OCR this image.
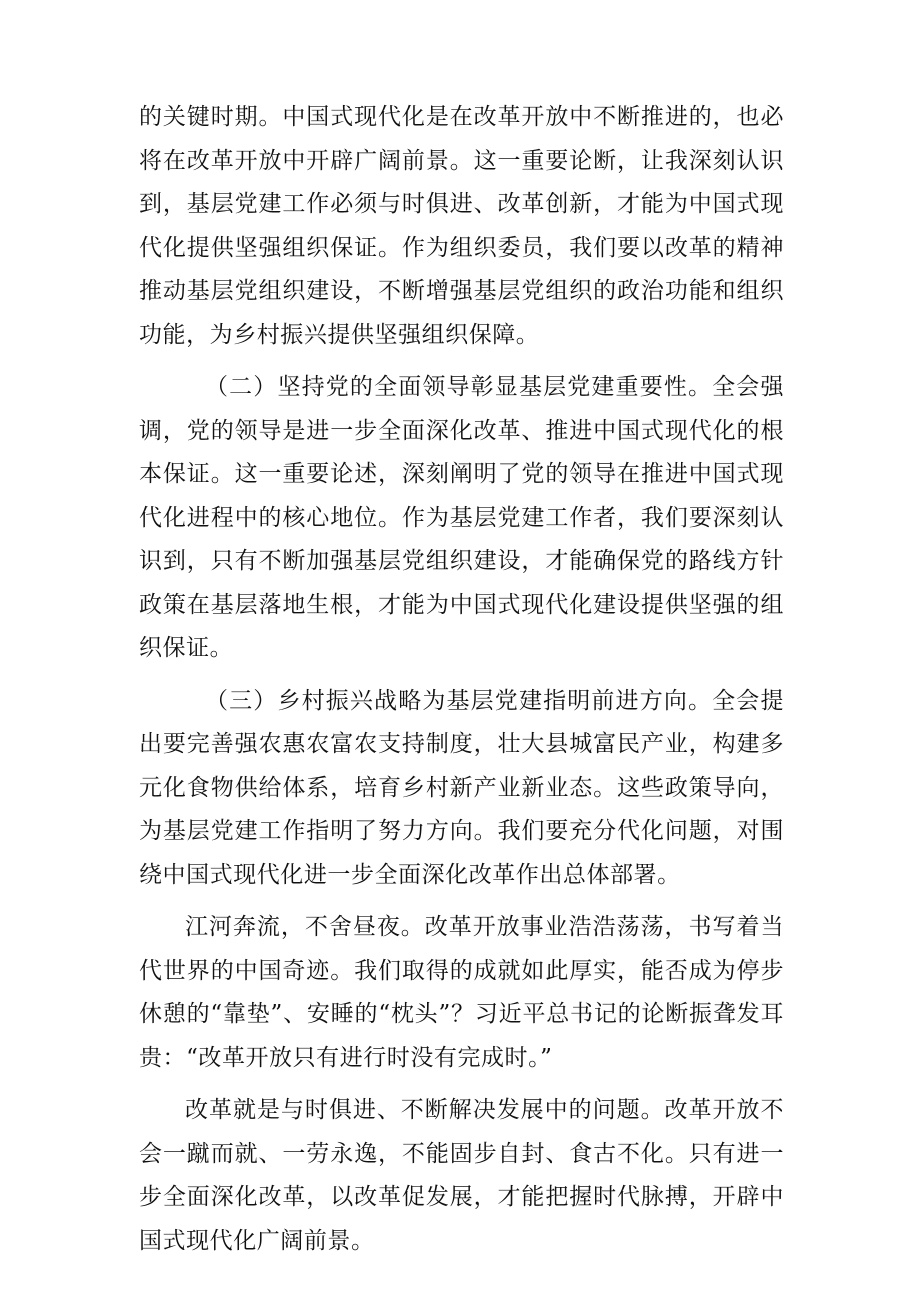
的关键时期。中国式现代化是在改革开放中不断推进的，也必将在改革开放中开辟广阔前景。这一重要论断，让我深刻认识到，基层党建工作必须与时俱进、改革创新，才能为中国式现代化提供坚强组织保证。作为组织委员，我们要以改革的精神推动基层党组织建设，不断增强基层党组织的政治功能和组织功能，为乡村振兴提供坚强组织保障。

（二）坚持党的全面领导彰显基层党建重要性。全会强调，党的领导是进一步全面深化改革、推进中国式现代化的根本保证。这一重要论述，深刻阐明了党的领导在推进中国式现代化进程中的核心地位。作为基层党建工作者，我们要深刻认识到，只有不断加强基层党组织建设，才能确保党的路线方针政策在基层落地生根，才能为中国式现代化建设提供坚强的组织保证。

（三）乡村振兴战略为基层党建指明前进方向。全会提出要完善强农惠农富农支持制度，壮大县城富民产业，构建多元化食物供给体系，培育乡村新产业新业态。这些政策导向，为基层党建工作指明了努力方向。我们要充分代化问题，对围绕中国式现代化进一步全面深化改革作出总体部署。

江河奔流，不舍昼夜。改革开放事业浩浩荡荡，书写着当代世界的中国奇迹。我们取得的成就如此厚实，能否成为停步休憩的“靠垫”、安睡的“枕头”？习近平总书记的论断振聋发耳贵：“改革开放只有进行时没有完成时。”

改革就是与时俱进、不断解决发展中的问题。改革开放不会一蹴而就、一劳永逸，不能固步自封、食古不化。只有进一步全面深化改革，以改革促发展，才能把握时代脉搏，开辟中国式现代化广阔前景。
